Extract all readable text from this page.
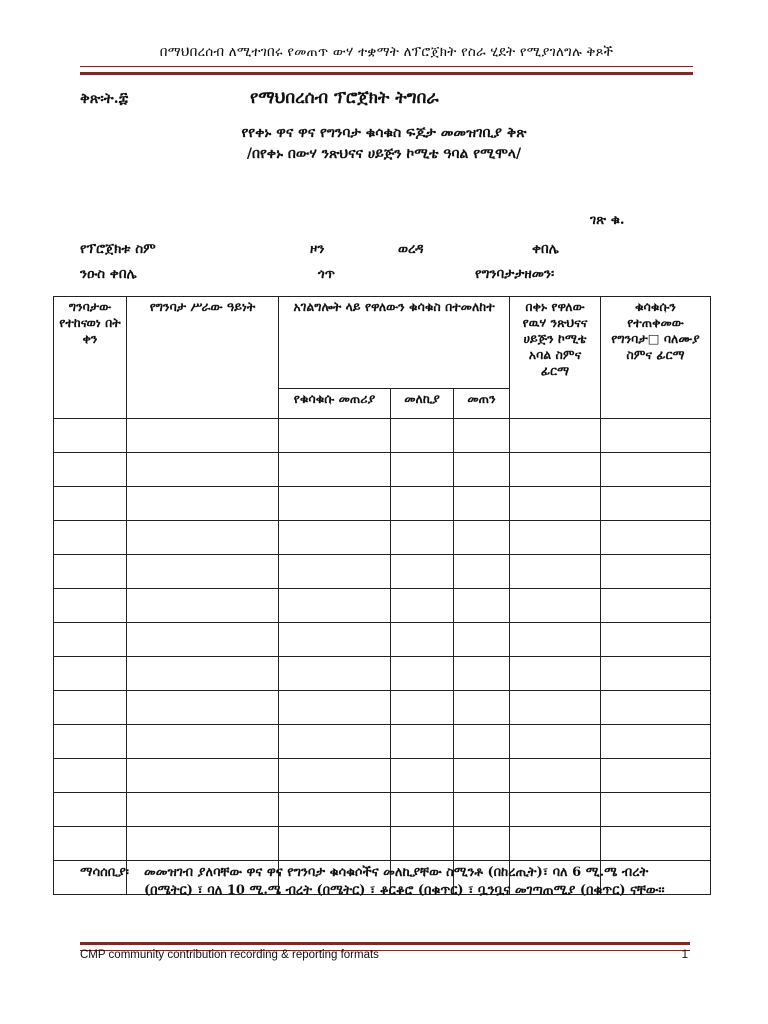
በማህበረሰብ ለሚተገበሩ የመጠጥ ውሃ ተቋማት ለፕሮጀክት የስራ ሂደት የሚያገለግሉ ቅጾች
ቅጽ፡ት.፰	የማህበረሰብ ፕሮጀክት ትግበራ
የየቀኑ ዋና ዋና የግንባታ ቁሳቁስ ፍጆታ መመዝገቢያ ቅጽ
/በየቀኑ በውሃ ንጽህናና ሀይጅን ኮሚቴ ዓባል የሚሞላ/
ገጽ ቁ.
የፕሮጀክቱ ስም	ዞን	ወረዳ	ቀበሌ
ንዑስ ቀበሌ	ጎጥ	የግንባታታዘመን፡
ግንባታው የተከናወነ በት ቀን	የግንባታ ሥራው ዓይነት	አገልግሎት ላይ የዋለውን ቁሳቁስ በተመለከተ			በቀኑ የዋለው የዉሃ ንጽህናና ሀይጅን ኮሚቴ አባል ስምና ፊርማ	ቁሳቁሱን የተጠቀመው የግንባታ□ ባለሙያ ስምና ፊርማ
		የቁሳቁሱ መጠሪያ	መለኪያ	መጠን		

ማሳሰቢያ፡ መመዝገብ ያለባቸው ዋና ዋና የግንባታ ቁሳቁሶችና መለኪያቸው ስሚንቶ (በከረጢት)፣ ባለ 6 ሚ.ሜ ብረት (በሜትር) ፣ ባለ 10 ሚ.ሜ ብረት (በሜትር) ፣ ቆርቆሮ (በቁጥር) ፣ ቧንቧና መገጣጠሚያ (በቁጥር) ናቸው፡፡
CMP community contribution recording & reporting formats	1
